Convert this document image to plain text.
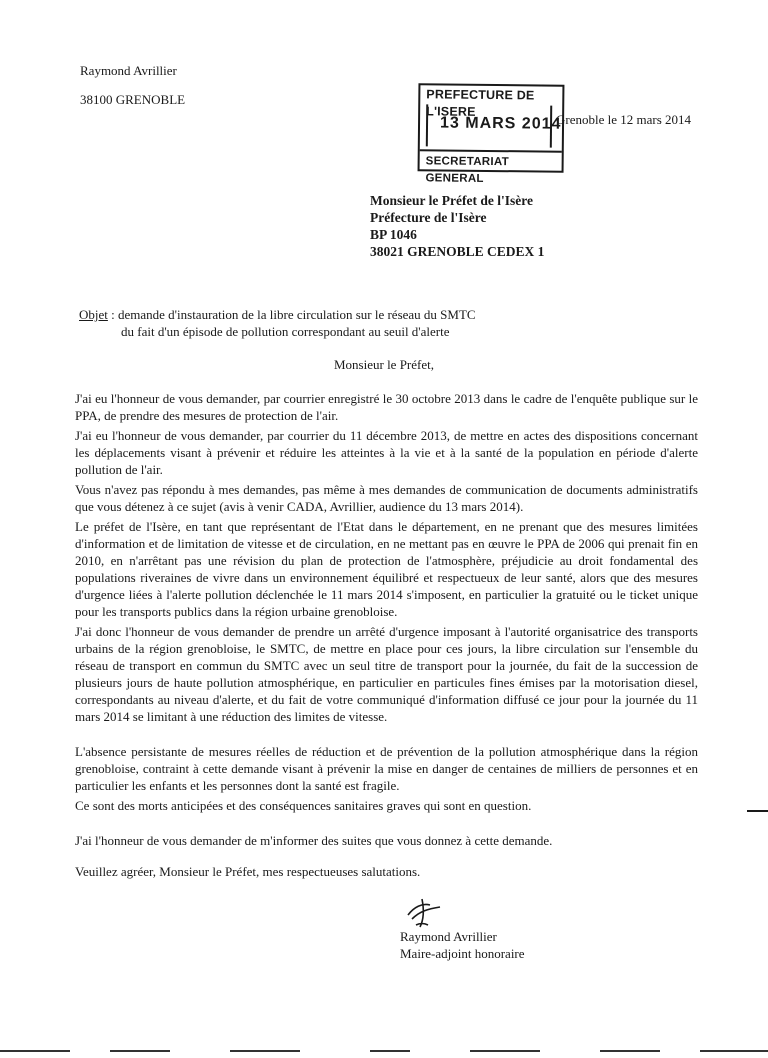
Raymond Avrillier
38100 GRENOBLE	PREFECTURE DE L'ISERE
13 MARS 2014
SECRETARIAT GENERAL
Grenoble le 12 mars 2014
Monsieur le Préfet de l'Isère
Préfecture de l'Isère
BP 1046
38021 GRENOBLE CEDEX 1
Objet : demande d'instauration de la libre circulation sur le réseau du SMTC
du fait d'un épisode de pollution correspondant au seuil d'alerte
Monsieur le Préfet,

J'ai eu l'honneur de vous demander, par courrier enregistré le 30 octobre 2013 dans le cadre de l'enquête publique sur le PPA, de prendre des mesures de protection de l'air.

J'ai eu l'honneur de vous demander, par courrier du 11 décembre 2013, de mettre en actes des dispositions concernant les déplacements visant à prévenir et réduire les atteintes à la vie et à la santé de la population en période d'alerte pollution de l'air.

Vous n'avez pas répondu à mes demandes, pas même à mes demandes de communication de documents administratifs que vous détenez à ce sujet (avis à venir CADA, Avrillier, audience du 13 mars 2014).

Le préfet de l'Isère, en tant que représentant de l'Etat dans le département, en ne prenant que des mesures limitées d'information et de limitation de vitesse et de circulation, en ne mettant pas en œuvre le PPA de 2006 qui prenait fin en 2010, en n'arrêtant pas une révision du plan de protection de l'atmosphère, préjudicie au droit fondamental des populations riveraines de vivre dans un environnement équilibré et respectueux de leur santé, alors que des mesures d'urgence liées à l'alerte pollution déclenchée le 11 mars 2014 s'imposent, en particulier la gratuité ou le ticket unique pour les transports publics dans la région urbaine grenobloise.

J'ai donc l'honneur de vous demander de prendre un arrêté d'urgence imposant à l'autorité organisatrice des transports urbains de la région grenobloise, le SMTC, de mettre en place pour ces jours, la libre circulation sur l'ensemble du réseau de transport en commun du SMTC avec un seul titre de transport pour la journée, du fait de la succession de plusieurs jours de haute pollution atmosphérique, en particulier en particules fines émises par la motorisation diesel, correspondants au niveau d'alerte, et du fait de votre communiqué d'information diffusé ce jour pour la journée du 11 mars 2014 se limitant à une réduction des limites de vitesse.

L'absence persistante de mesures réelles de réduction et de prévention de la pollution atmosphérique dans la région grenobloise, contraint à cette demande visant à prévenir la mise en danger de centaines de milliers de personnes et en particulier les enfants et les personnes dont la santé est fragile.

Ce sont des morts anticipées et des conséquences sanitaires graves qui sont en question.

J'ai l'honneur de vous demander de m'informer des suites que vous donnez à cette demande.

Veuillez agréer, Monsieur le Préfet, mes respectueuses salutations.

Raymond Avrillier
Maire-adjoint honoraire
